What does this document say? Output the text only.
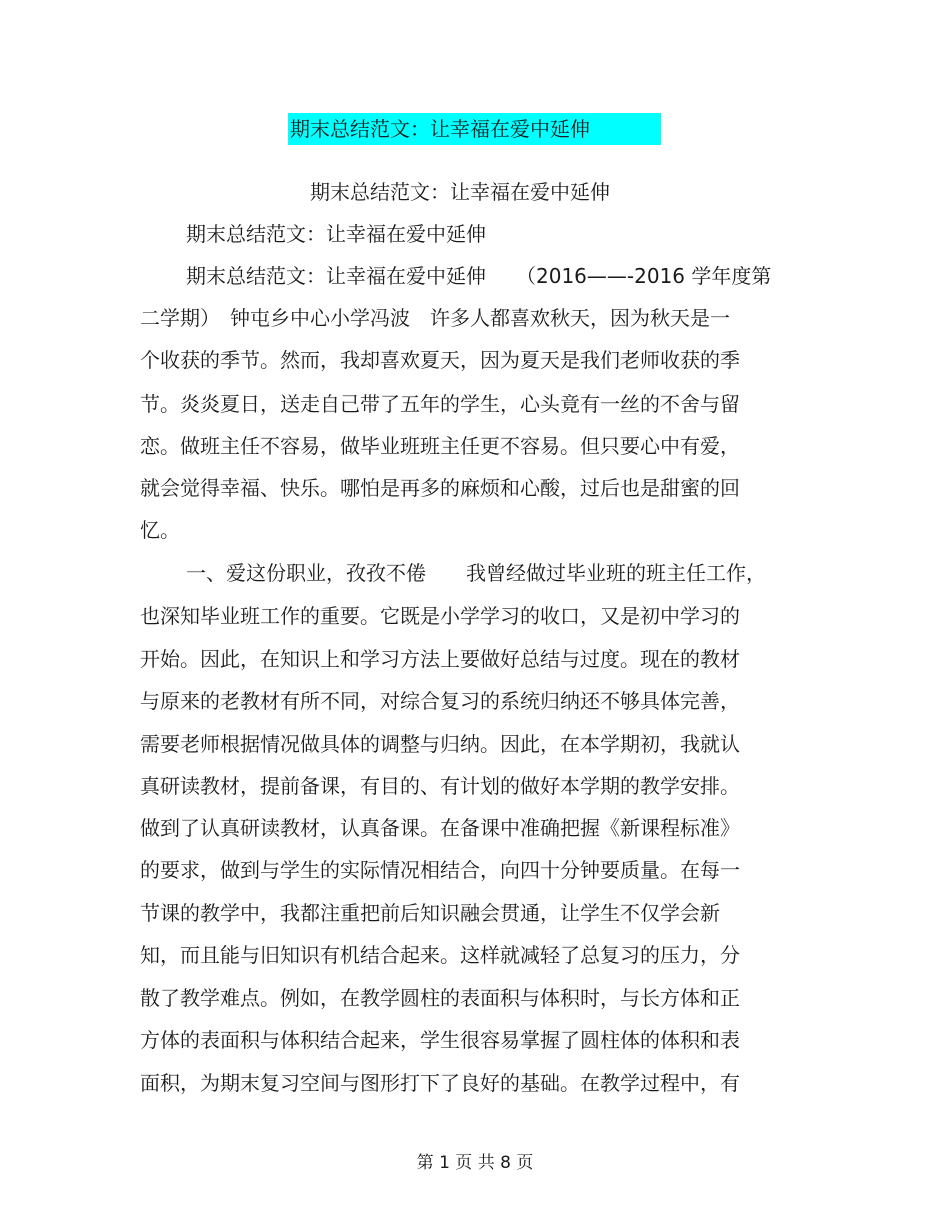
期末总结范文：让幸福在爱中延伸
期末总结范文：让幸福在爱中延伸
期末总结范文：让幸福在爱中延伸
期末总结范文：让幸福在爱中延伸　　（2016——-2016 学年度第
二学期）　钟屯乡中心小学冯波　许多人都喜欢秋天，因为秋天是一
个收获的季节。然而，我却喜欢夏天，因为夏天是我们老师收获的季
节。炎炎夏日，送走自己带了五年的学生，心头竟有一丝的不舍与留
恋。做班主任不容易，做毕业班班主任更不容易。但只要心中有爱，
就会觉得幸福、快乐。哪怕是再多的麻烦和心酸，过后也是甜蜜的回
忆。
一、爱这份职业，孜孜不倦　　我曾经做过毕业班的班主任工作，
也深知毕业班工作的重要。它既是小学学习的收口，又是初中学习的
开始。因此，在知识上和学习方法上要做好总结与过度。现在的教材
与原来的老教材有所不同，对综合复习的系统归纳还不够具体完善，
需要老师根据情况做具体的调整与归纳。因此，在本学期初，我就认
真研读教材，提前备课，有目的、有计划的做好本学期的教学安排。
做到了认真研读教材，认真备课。在备课中准确把握《新课程标准》
的要求，做到与学生的实际情况相结合，向四十分钟要质量。在每一
节课的教学中，我都注重把前后知识融会贯通，让学生不仅学会新
知，而且能与旧知识有机结合起来。这样就减轻了总复习的压力，分
散了教学难点。例如，在教学圆柱的表面积与体积时，与长方体和正
方体的表面积与体积结合起来，学生很容易掌握了圆柱体的体积和表
面积，为期末复习空间与图形打下了良好的基础。在教学过程中，有
第 1 页 共 8 页
